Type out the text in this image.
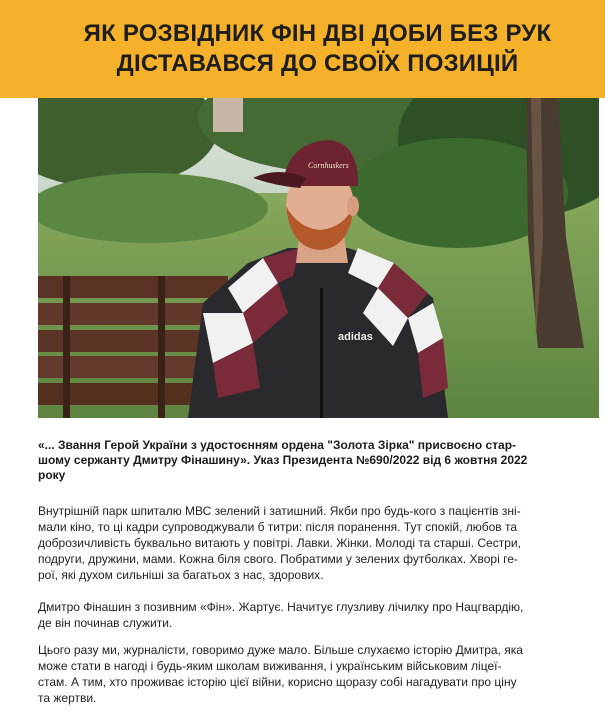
ЯК РОЗВІДНИК ФІН ДВІ ДОБИ БЕЗ РУК
ДІСТАВАВСЯ ДО СВОЇХ ПОЗИЦІЙ
adidas
Cornhuskers
«... Звання Герой України з удостоєнням ордена "Золота Зірка" присвоєно стар-
шому сержанту Дмитру Фінашину». Указ Президента №690/2022 від 6 жовтня 2022
року
Внутрішній парк шпиталю МВС зелений і затишний. Якби про будь-кого з пацієнтів зні-
мали кіно, то ці кадри супроводжували б титри: після поранення. Тут спокій, любов та
доброзичливість буквально витають у повітрі. Лавки. Жінки. Молоді та старші. Сестри,
подруги, дружини, мами. Кожна біля свого. Побратими у зелених футболках. Хворі ге-
рої, які духом сильніші за багатьох з нас, здорових.
Дмитро Фінашин з позивним «Фін». Жартує. Начитує глузливу лічилку про Нацгвардію,
де він починав служити.
Цього разу ми, журналісти, говоримо дуже мало. Більше слухаємо історію Дмитра, яка
може стати в нагоді і будь-яким школам виживання, і українським військовим ліцеї-
стам. А тим, хто проживає історію цієї війни, корисно щоразу собі нагадувати про ціну
та жертви.
